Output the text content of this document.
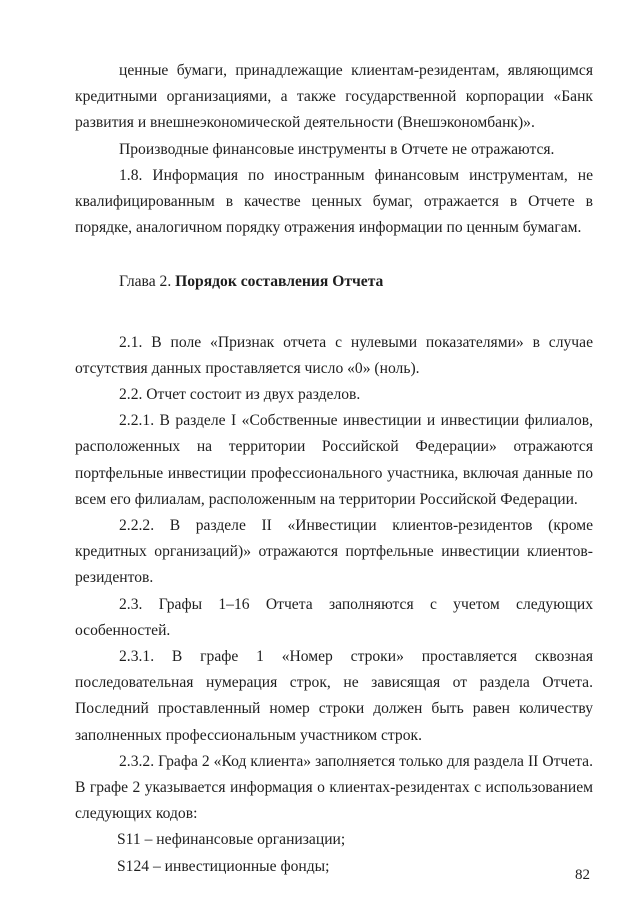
ценные бумаги, принадлежащие клиентам-резидентам, являющимся кредитными организациями, а также государственной корпорации «Банк развития и внешнеэкономической деятельности (Внешэкономбанк)».

Производные финансовые инструменты в Отчете не отражаются.

1.8. Информация по иностранным финансовым инструментам, не квалифицированным в качестве ценных бумаг, отражается в Отчете в порядке, аналогичном порядку отражения информации по ценным бумагам.

Глава 2. Порядок составления Отчета

2.1. В поле «Признак отчета с нулевыми показателями» в случае отсутствия данных проставляется число «0» (ноль).

2.2. Отчет состоит из двух разделов.

2.2.1. В разделе I «Собственные инвестиции и инвестиции филиалов, расположенных на территории Российской Федерации» отражаются портфельные инвестиции профессионального участника, включая данные по всем его филиалам, расположенным на территории Российской Федерации.

2.2.2. В разделе II «Инвестиции клиентов-резидентов (кроме кредитных организаций)» отражаются портфельные инвестиции клиентов-резидентов.

2.3. Графы 1–16 Отчета заполняются с учетом следующих особенностей.

2.3.1. В графе 1 «Номер строки» проставляется сквозная последовательная нумерация строк, не зависящая от раздела Отчета. Последний проставленный номер строки должен быть равен количеству заполненных профессиональным участником строк.

2.3.2. Графа 2 «Код клиента» заполняется только для раздела II Отчета. В графе 2 указывается информация о клиентах-резидентах с использованием следующих кодов:

S11 – нефинансовые организации;

S124 – инвестиционные фонды;

82
